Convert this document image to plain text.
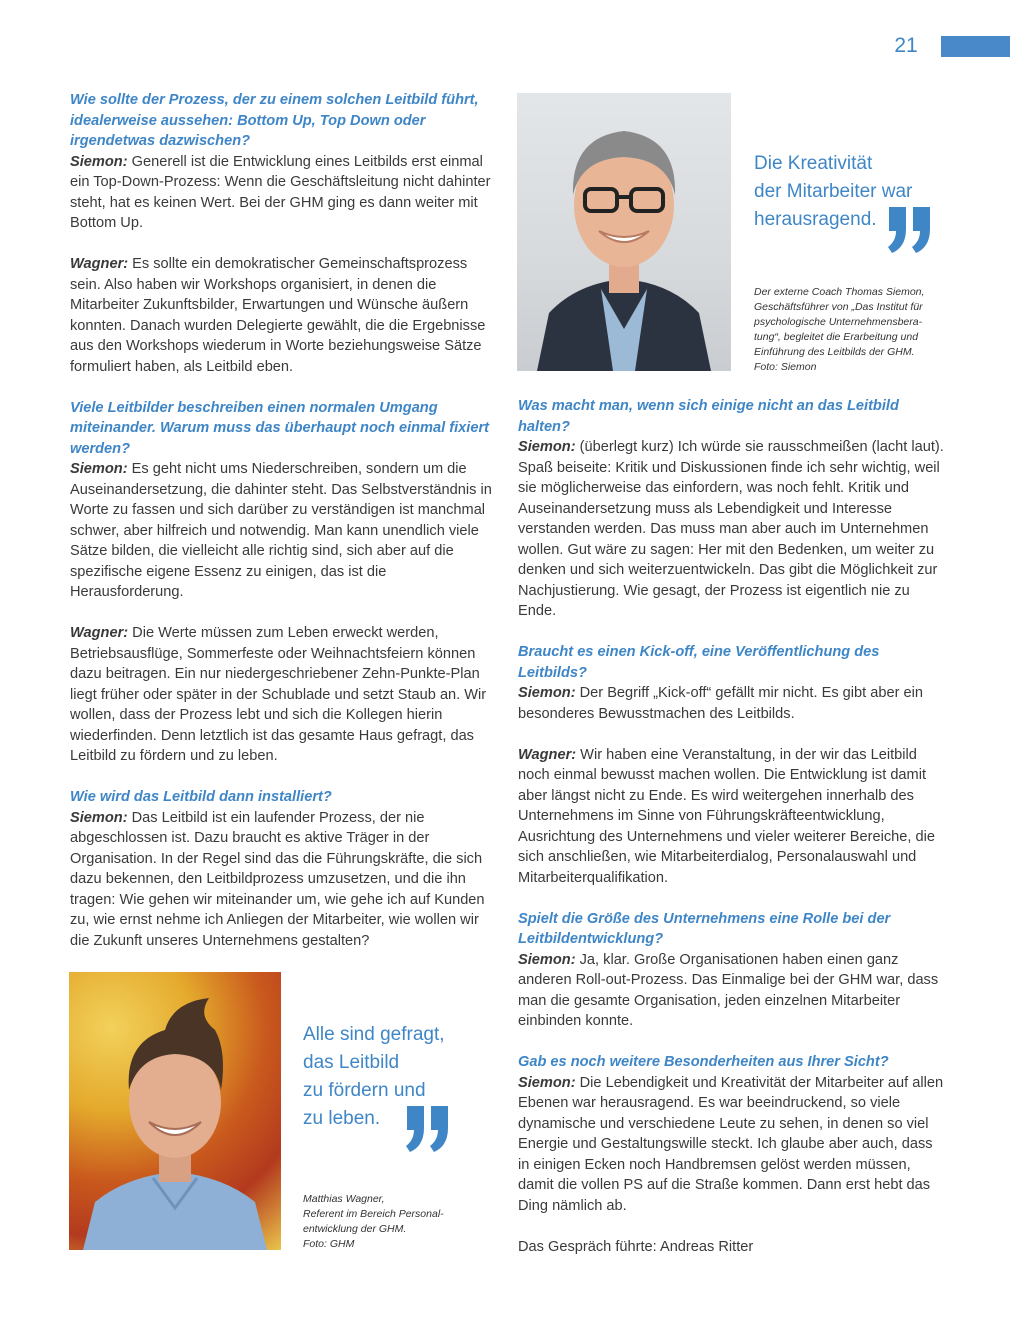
21

Wie sollte der Prozess, der zu einem solchen Leitbild führt, idealerweise aussehen: Bottom Up, Top Down oder irgendetwas dazwischen?

Siemon: Generell ist die Entwicklung eines Leitbilds erst einmal ein Top-Down-Prozess: Wenn die Geschäftsleitung nicht dahinter steht, hat es keinen Wert. Bei der GHM ging es dann weiter mit Bottom Up.

Wagner: Es sollte ein demokratischer Gemeinschaftsprozess sein. Also haben wir Workshops organisiert, in denen die Mitarbeiter Zukunftsbilder, Erwartungen und Wünsche äußern konnten. Danach wurden Delegierte gewählt, die die Ergebnisse aus den Workshops wiederum in Worte beziehungsweise Sätze formuliert haben, als Leitbild eben.

Viele Leitbilder beschreiben einen normalen Umgang miteinander. Warum muss das überhaupt noch einmal fixiert werden?

Siemon: Es geht nicht ums Niederschreiben, sondern um die Auseinandersetzung, die dahinter steht. Das Selbstverständnis in Worte zu fassen und sich darüber zu verständigen ist manchmal schwer, aber hilfreich und notwendig. Man kann unendlich viele Sätze bilden, die vielleicht alle richtig sind, sich aber auf die spezifische eigene Essenz zu einigen, das ist die Herausforderung.

Wagner: Die Werte müssen zum Leben erweckt werden, Betriebsausflüge, Sommerfeste oder Weihnachtsfeiern können dazu beitragen. Ein nur niedergeschriebener Zehn-Punkte-Plan liegt früher oder später in der Schublade und setzt Staub an. Wir wollen, dass der Prozess lebt und sich die Kollegen hierin wiederfinden. Denn letztlich ist das gesamte Haus gefragt, das Leitbild zu fördern und zu leben.

Wie wird das Leitbild dann installiert?

Siemon: Das Leitbild ist ein laufender Prozess, der nie abgeschlossen ist. Dazu braucht es aktive Träger in der Organisation. In der Regel sind das die Führungskräfte, die sich dazu bekennen, den Leitbildprozess umzusetzen, und die ihn tragen: Wie gehen wir miteinander um, wie gehe ich auf Kunden zu, wie ernst nehme ich Anliegen der Mitarbeiter, wie wollen wir die Zukunft unseres Unternehmens gestalten?

Die Kreativität
der Mitarbeiter war
herausragend.
Der externe Coach Thomas Siemon,
Geschäftsführer von „Das Institut für
psychologische Unternehmensbera-
tung“, begleitet die Erarbeitung und
Einführung des Leitbilds der GHM.
Foto: Siemon

Was macht man, wenn sich einige nicht an das Leitbild halten?

Siemon: (überlegt kurz) Ich würde sie rausschmeißen (lacht laut). Spaß beiseite: Kritik und Diskussionen finde ich sehr wichtig, weil sie möglicherweise das einfordern, was noch fehlt. Kritik und Auseinandersetzung muss als Lebendigkeit und Interesse verstanden werden. Das muss man aber auch im Unternehmen wollen. Gut wäre zu sagen: Her mit den Bedenken, um weiter zu denken und sich weiterzuentwickeln. Das gibt die Möglichkeit zur Nachjustierung. Wie gesagt, der Prozess ist eigentlich nie zu Ende.

Braucht es einen Kick-off, eine Veröffentlichung des Leitbilds?

Siemon: Der Begriff „Kick-off“ gefällt mir nicht. Es gibt aber ein besonderes Bewusstmachen des Leitbilds.

Wagner: Wir haben eine Veranstaltung, in der wir das Leitbild noch einmal bewusst machen wollen. Die Entwicklung ist damit aber längst nicht zu Ende. Es wird weitergehen innerhalb des Unternehmens im Sinne von Führungskräfteentwicklung, Ausrichtung des Unternehmens und vieler weiterer Bereiche, die sich anschließen, wie Mitarbeiterdialog, Personalauswahl und Mitarbeiterqualifikation.

Spielt die Größe des Unternehmens eine Rolle bei der Leitbildentwicklung?

Siemon: Ja, klar. Große Organisationen haben einen ganz anderen Roll-out-Prozess. Das Einmalige bei der GHM war, dass man die gesamte Organisation, jeden einzelnen Mitarbeiter einbinden konnte.

Gab es noch weitere Besonderheiten aus Ihrer Sicht?

Siemon: Die Lebendigkeit und Kreativität der Mitarbeiter auf allen Ebenen war herausragend. Es war beeindruckend, so viele dynamische und verschiedene Leute zu sehen, in denen so viel Energie und Gestaltungswille steckt. Ich glaube aber auch, dass in einigen Ecken noch Handbremsen gelöst werden müssen, damit die vollen PS auf die Straße kommen. Dann erst hebt das Ding nämlich ab.

Das Gespräch führte: Andreas Ritter

Alle sind gefragt,
das Leitbild
zu fördern und
zu leben.
Matthias Wagner,
Referent im Bereich Personal-
entwicklung der GHM.
Foto: GHM
